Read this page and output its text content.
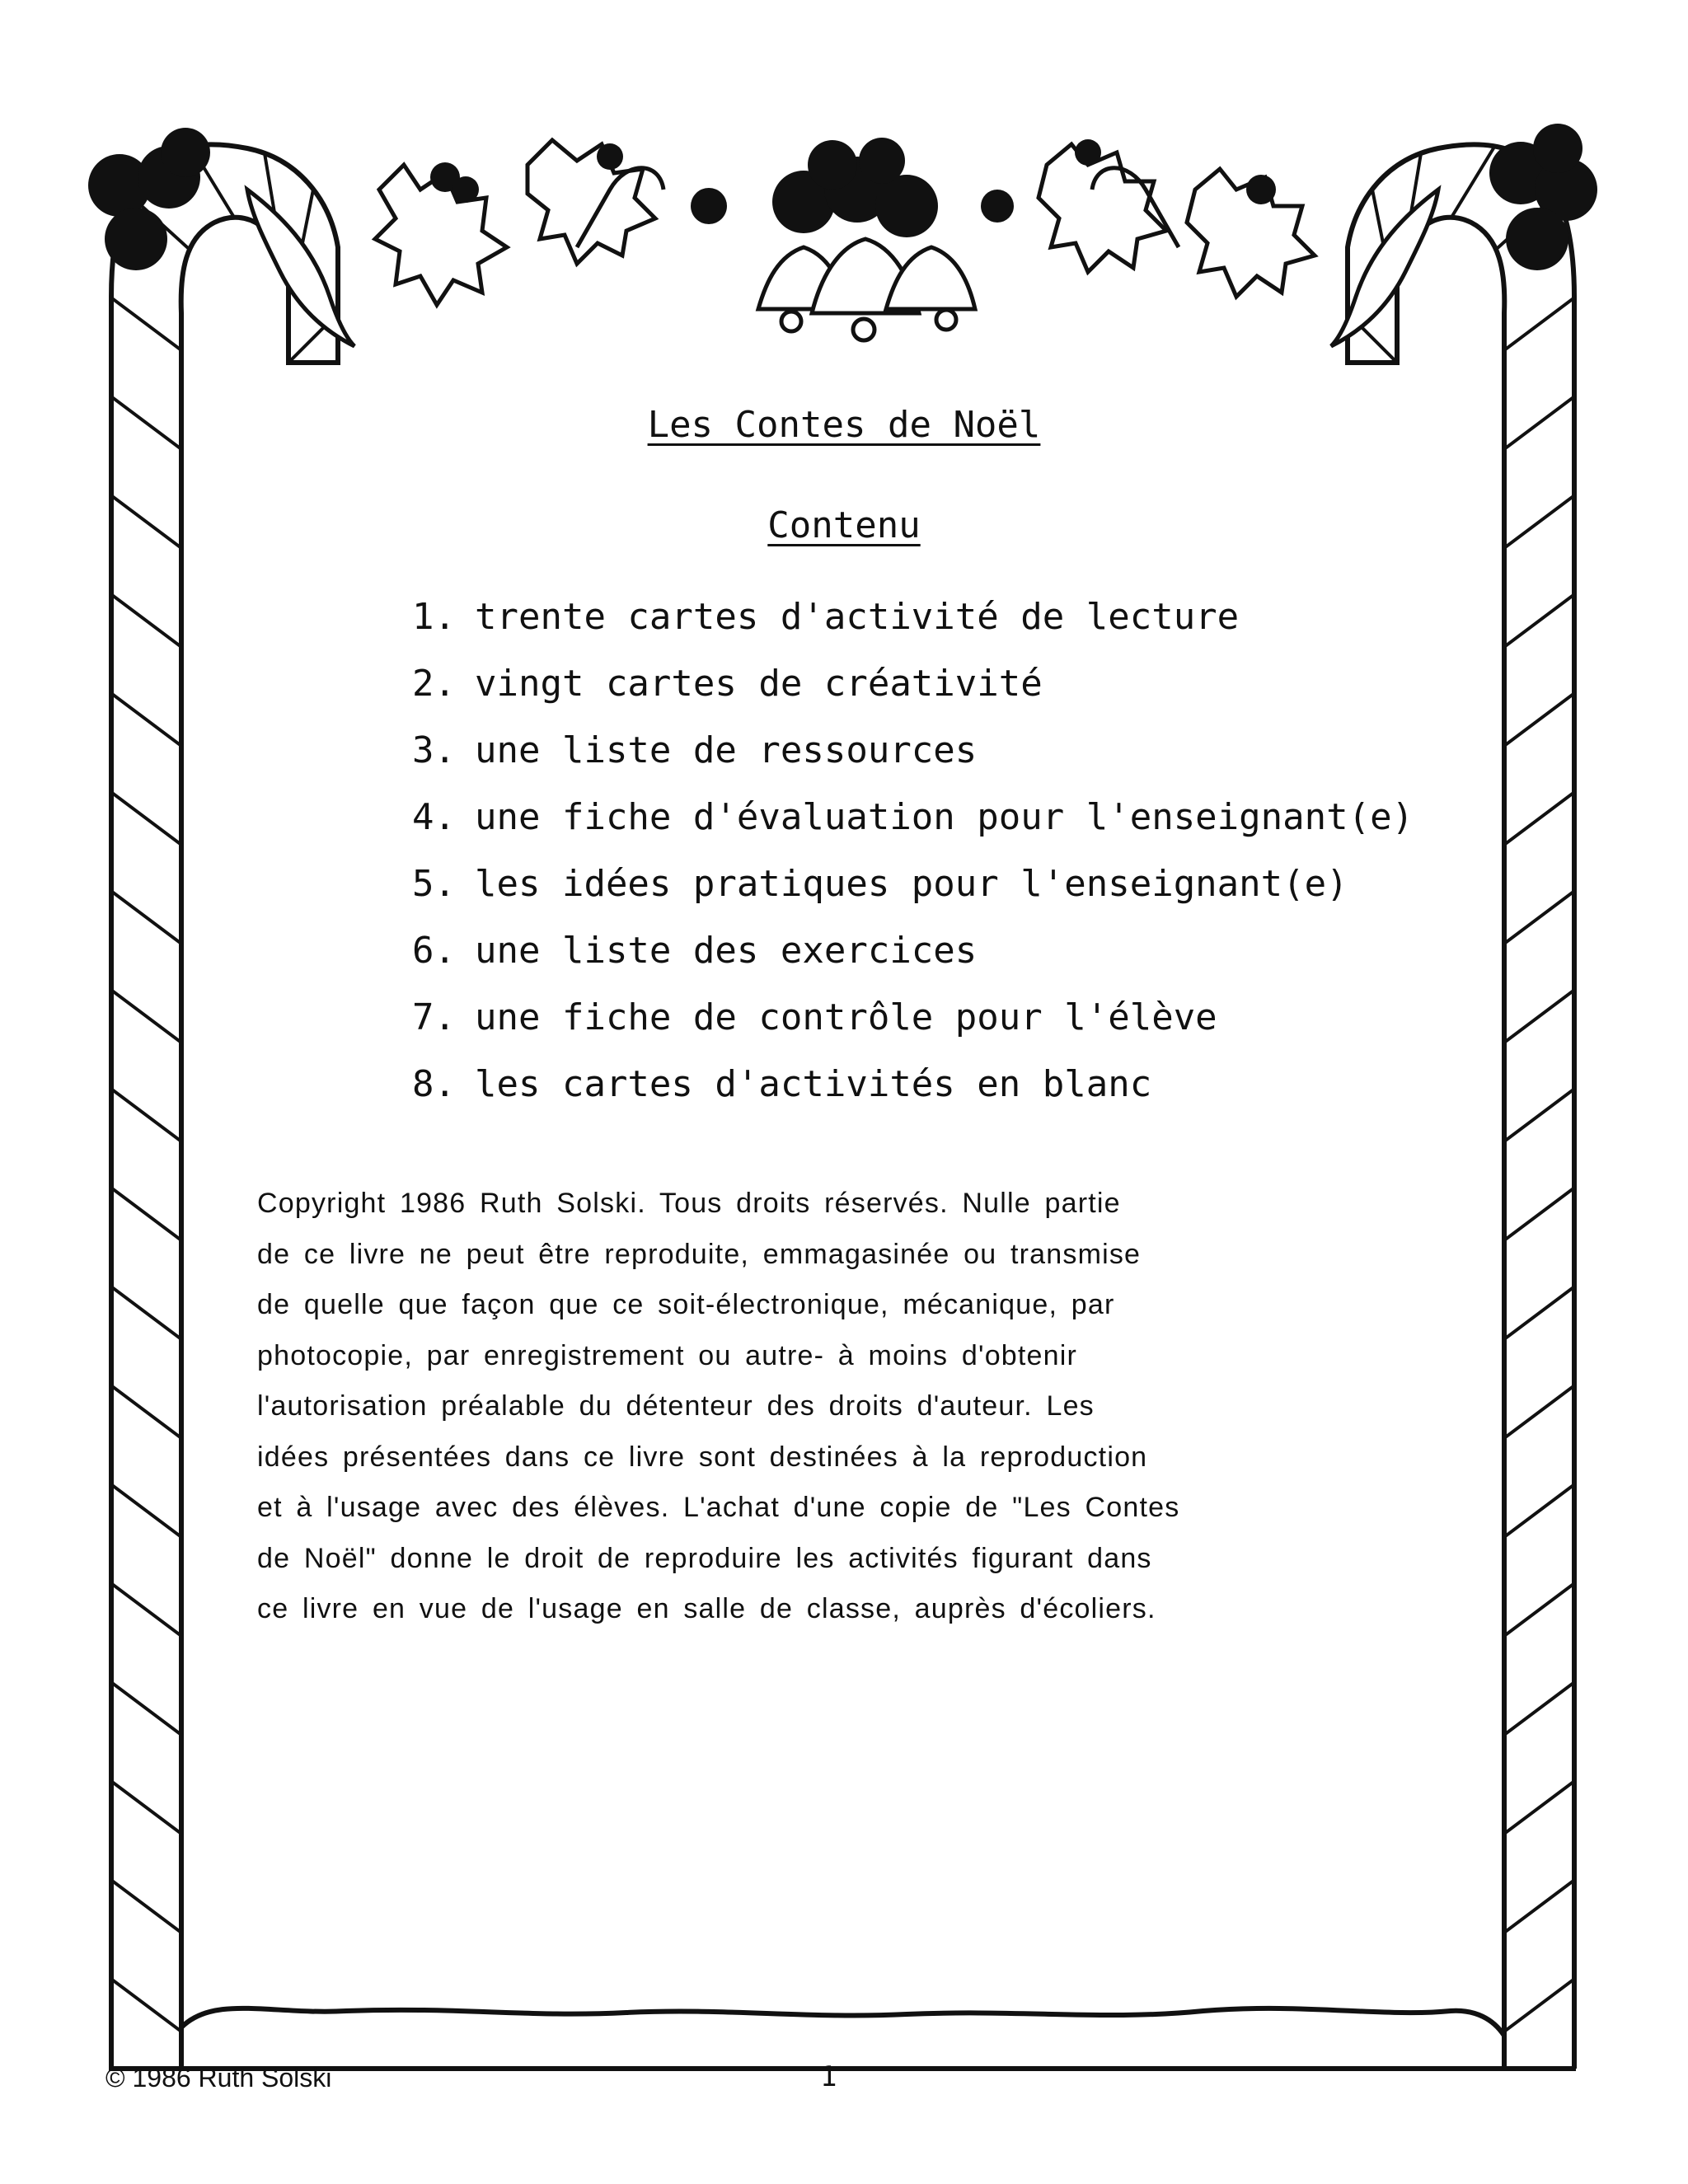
Les Contes de Noël
Contenu
1. trente cartes d'activité de lecture
2. vingt cartes de créativité
3. une liste de ressources
4. une fiche d'évaluation pour l'enseignant(e)
5. les idées pratiques pour l'enseignant(e)
6. une liste des exercices
7. une fiche de contrôle pour l'élève
8. les cartes d'activités en blanc
Copyright 1986 Ruth Solski. Tous droits réservés. Nulle partie
de ce livre ne peut être reproduite, emmagasinée ou transmise
de quelle que façon que ce soit-électronique, mécanique, par
photocopie, par enregistrement ou autre- à moins d'obtenir
l'autorisation préalable du détenteur des droits d'auteur. Les
idées présentées dans ce livre sont destinées à la reproduction
et à l'usage avec des élèves. L'achat d'une copie de "Les Contes
de Noël" donne le droit de reproduire les activités figurant dans
ce livre en vue de l'usage en salle de classe, auprès d'écoliers.
© 1986 Ruth Solski	1
